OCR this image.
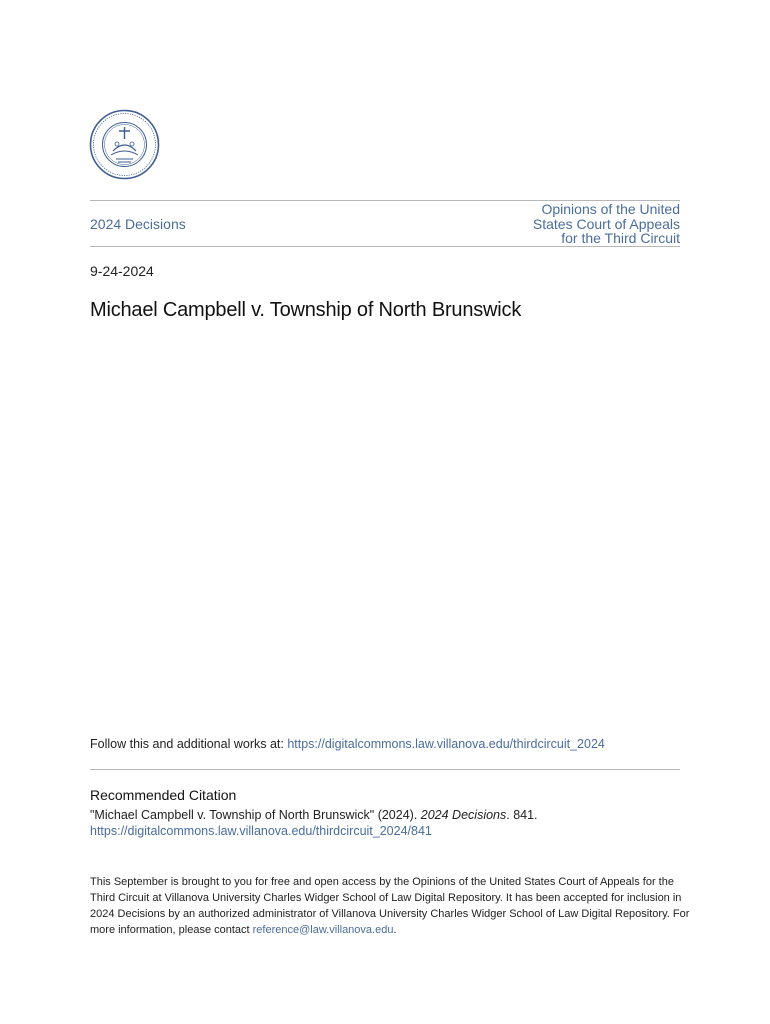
2024 Decisions
Opinions of the United
States Court of Appeals
for the Third Circuit
9-24-2024
Michael Campbell v. Township of North Brunswick
Follow this and additional works at: https://digitalcommons.law.villanova.edu/thirdcircuit_2024
Recommended Citation
"Michael Campbell v. Township of North Brunswick" (2024). 2024 Decisions. 841.
https://digitalcommons.law.villanova.edu/thirdcircuit_2024/841
This September is brought to you for free and open access by the Opinions of the United States Court of Appeals for the Third Circuit at Villanova University Charles Widger School of Law Digital Repository. It has been accepted for inclusion in 2024 Decisions by an authorized administrator of Villanova University Charles Widger School of Law Digital Repository. For more information, please contact reference@law.villanova.edu.
